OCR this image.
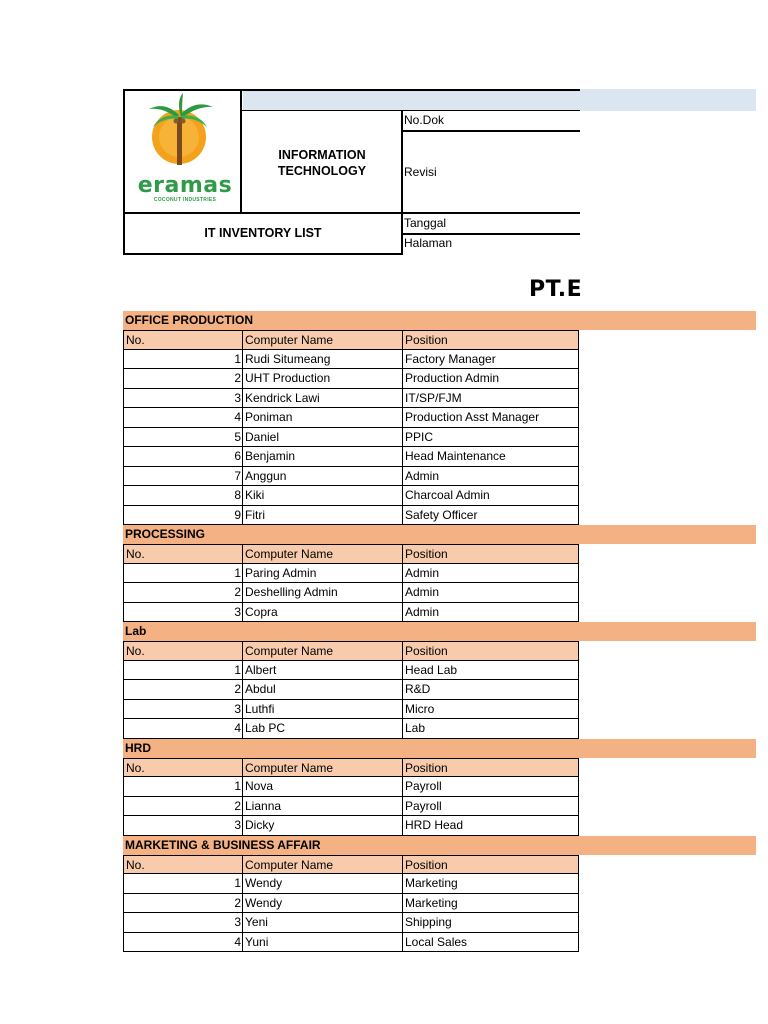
eramas
COCONUT INDUSTRIES
INFORMATION
TECHNOLOGY
IT INVENTORY LIST
No.Dok
Revisi
Tanggal
Halaman
PT.E
OFFICE PRODUCTION
No.	Computer Name	Position
1 Rudi Situmeang	Factory Manager
2 UHT Production	Production Admin
3 Kendrick Lawi	IT/SP/FJM
4 Poniman	Production Asst Manager
5 Daniel	PPIC
6 Benjamin	Head Maintenance
7 Anggun	Admin
8 Kiki	Charcoal Admin
9 Fitri	Safety Officer
PROCESSING
No.	Computer Name	Position
1 Paring Admin	Admin
2 Deshelling Admin	Admin
3 Copra	Admin
Lab
No.	Computer Name	Position
1 Albert	Head Lab
2 Abdul	R&D
3 Luthfi	Micro
4 Lab PC	Lab
HRD
No.	Computer Name	Position
1 Nova	Payroll
2 Lianna	Payroll
3 Dicky	HRD Head
MARKETING & BUSINESS AFFAIR
No.	Computer Name	Position
1 Wendy	Marketing
2 Wendy	Marketing
3 Yeni	Shipping
4 Yuni	Local Sales
